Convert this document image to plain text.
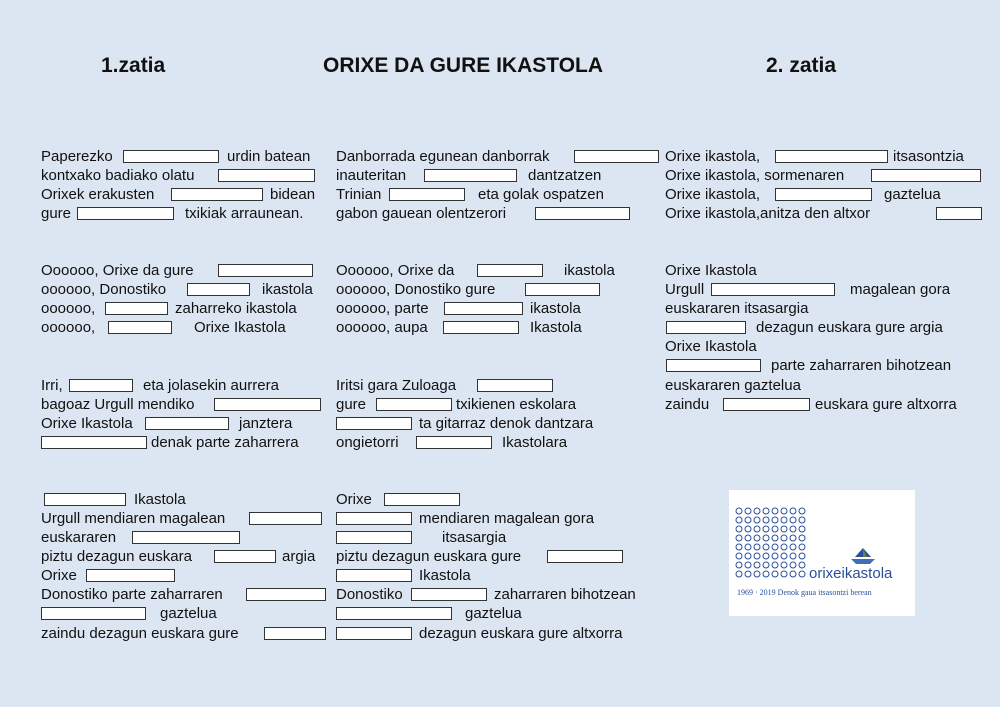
1.zatia	ORIXE DA GURE IKASTOLA	2. zatia
Paperezko	urdin batean
kontxako badiako olatu
Orixek erakusten	bidean
gure	txikiak arraunean.
Oooooo, Orixe da gure
oooooo, Donostiko	ikastola
oooooo,	zaharreko ikastola
oooooo,	Orixe Ikastola
Irri,	eta jolasekin aurrera
bagoaz Urgull mendiko
Orixe Ikastola	janztera
denak parte zaharrera
Ikastola
Urgull mendiaren magalean
euskararen
piztu dezagun euskara	argia
Orixe
Donostiko parte zaharraren
gaztelua
zaindu dezagun euskara gure
Danborrada egunean danborrak
inauteritan	dantzatzen
Trinian	eta golak ospatzen
gabon gauean olentzerori
Oooooo, Orixe da	ikastola
oooooo, Donostiko gure
oooooo, parte	ikastola
oooooo, aupa	Ikastola
Iritsi gara Zuloaga
gure	txikienen eskolara
ta gitarraz denok dantzara
ongietorri	Ikastolara
Orixe
mendiaren magalean gora
itsasargia
piztu dezagun euskara gure
Ikastola
Donostiko	zaharraren bihotzean
gaztelua
dezagun euskara gure altxorra
Orixe ikastola,	itsasontzia
Orixe ikastola, sormenaren
Orixe ikastola,	gaztelua
Orixe ikastola,anitza den altxor
Orixe Ikastola
Urgull	magalean gora
euskararen itsasargia
dezagun euskara gure argia
Orixe Ikastola
parte zaharraren bihotzean
euskararen gaztelua
zaindu	euskara gure altxorra
orixeikastola
1969 · 2019 Denok gaua itsasontzi berean
